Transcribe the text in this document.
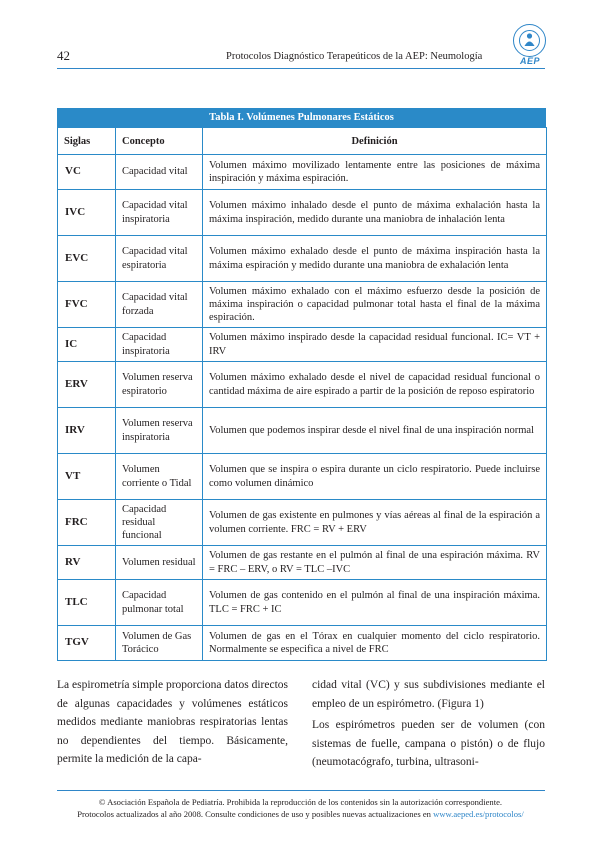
42	Protocolos Diagnóstico Terapeúticos de la AEP: Neumología	AEP
Tabla I. Volúmenes Pulmonares Estáticos
Siglas	Concepto	Definición
VC	Capacidad vital	Volumen máximo movilizado lentamente entre las posiciones de máxima inspiración y máxima espiración.
IVC	Capacidad vital inspiratoria	Volumen máximo inhalado desde el punto de máxima exhalación hasta la máxima inspiración, medido durante una maniobra de inhalación lenta
EVC	Capacidad vital espiratoria	Volumen máximo exhalado desde el punto de máxima inspiración hasta la máxima espiración y medido durante una maniobra de exhalación lenta
FVC	Capacidad vital forzada	Volumen máximo exhalado con el máximo esfuerzo desde la posición de máxima inspiración o capacidad pulmonar total hasta el final de la máxima espiración.
IC	Capacidad inspiratoria	Volumen máximo inspirado desde la capacidad residual funcional. IC= VT + IRV
ERV	Volumen reserva espiratorio	Volumen máximo exhalado desde el nivel de capacidad residual funcional o cantidad máxima de aire espirado a partir de la posición de reposo espiratorio
IRV	Volumen reserva inspiratoria	Volumen que podemos inspirar desde el nivel final de una inspiración normal
VT	Volumen corriente o Tidal	Volumen que se inspira o espira durante un ciclo respiratorio. Puede incluirse como volumen dinámico
FRC	Capacidad residual funcional	Volumen de gas existente en pulmones y vías aéreas al final de la espiración a volumen corriente. FRC = RV + ERV
RV	Volumen residual	Volumen de gas restante en el pulmón al final de una espiración máxima. RV = FRC – ERV, o RV = TLC –IVC
TLC	Capacidad pulmonar total	Volumen de gas contenido en el pulmón al final de una inspiración máxima. TLC = FRC + IC
TGV	Volumen de Gas Torácico	Volumen de gas en el Tórax en cualquier momento del ciclo respiratorio. Normalmente se especifica a nivel de FRC

La espirometría simple proporciona datos directos de algunas capacidades y volúmenes estáticos medidos mediante maniobras respiratorias lentas no dependientes del tiempo. Básicamente, permite la medición de la capa-

cidad vital (VC) y sus subdivisiones mediante el empleo de un espirómetro. (Figura 1)

Los espirómetros pueden ser de volumen (con sistemas de fuelle, campana o pistón) o de flujo (neumotacógrafo, turbina, ultrasoni-

© Asociación Española de Pediatría. Prohibida la reproducción de los contenidos sin la autorización correspondiente.
Protocolos actualizados al año 2008. Consulte condiciones de uso y posibles nuevas actualizaciones en www.aeped.es/protocolos/
